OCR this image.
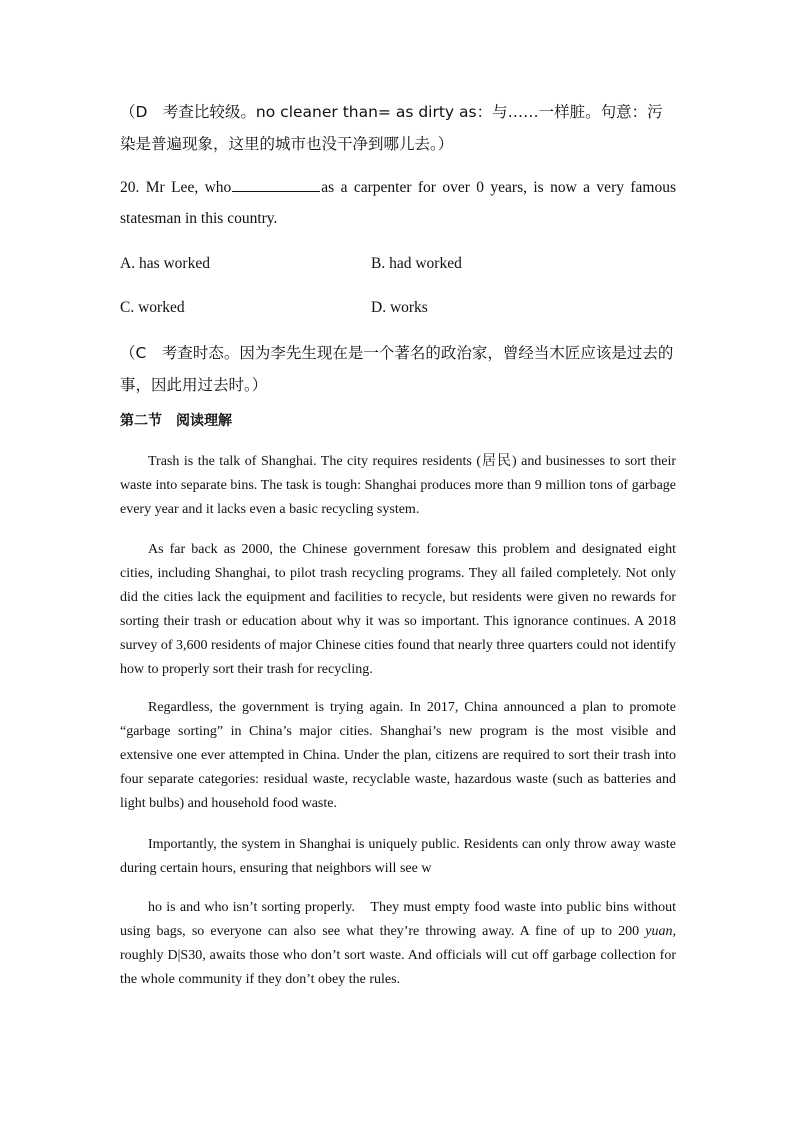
（D　考查比较级。no cleaner than= as dirty as：与……一样脏。句意：污染是普遍现象，这里的城市也没干净到哪儿去。）
20. Mr Lee, who	as a carpenter for over 0 years, is now a very famous statesman in this country.
A. has worked	B. had worked
C. worked	D. works
（C　考查时态。因为李先生现在是一个著名的政治家，曾经当木匠应该是过去的事，因此用过去时。）
第二节　阅读理解

Trash is the talk of Shanghai. The city requires residents (居民) and businesses to sort their waste into separate bins. The task is tough: Shanghai produces more than 9 million tons of garbage every year and it lacks even a basic recycling system.

As far back as 2000, the Chinese government foresaw this problem and designated eight cities, including Shanghai, to pilot trash recycling programs. They all failed completely. Not only did the cities lack the equipment and facilities to recycle, but residents were given no rewards for sorting their trash or education about why it was so important. This ignorance continues. A 2018 survey of 3,600 residents of major Chinese cities found that nearly three quarters could not identify how to properly sort their trash for recycling.

Regardless, the government is trying again. In 2017, China announced a plan to promote “garbage sorting” in China’s major cities. Shanghai’s new program is the most visible and extensive one ever attempted in China. Under the plan, citizens are required to sort their trash into four separate categories: residual waste, recyclable waste, hazardous waste (such as batteries and light bulbs) and household food waste.

Importantly, the system in Shanghai is uniquely public. Residents can only throw away waste during certain hours, ensuring that neighbors will see w

ho is and who isn’t sorting properly.　They must empty food waste into public bins without using bags, so everyone can also see what they’re throwing away. A fine of up to 200 yuan, roughly D|S30, awaits those who don’t sort waste. And officials will cut off garbage collection for the whole community if they don’t obey the rules.
